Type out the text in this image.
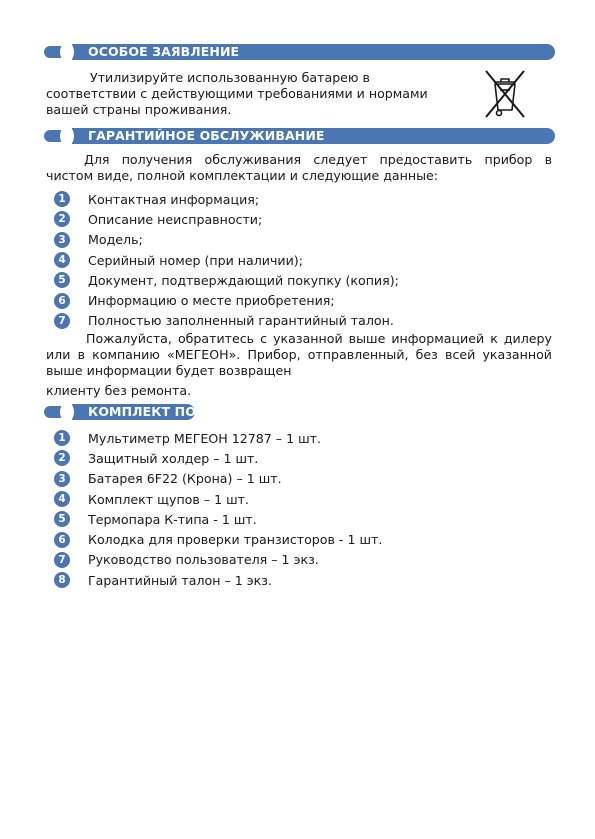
ОСОБОЕ ЗАЯВЛЕНИЕ
Утилизируйте использованную батарею в
соответствии с действующими требованиями и нормами
вашей страны проживания.
ГАРАНТИЙНОЕ ОБСЛУЖИВАНИЕ

Для получения обслуживания следует предоставить прибор в чистом виде, полной комплектации и следующие данные:

1	Контактная информация;
2	Описание неисправности;
3	Модель;
4	Серийный номер (при наличии);
5	Документ, подтверждающий покупку (копия);
6	Информацию о месте приобретения;
7	Полностью заполненный гарантийный талон.

Пожалуйста, обратитесь с указанной выше информацией к дилеру или в компанию «МЕГЕОН». Прибор, отправленный, без всей указанной выше информации будет возвращен

клиенту без ремонта.

КОМПЛЕКТ ПОСТАВКИ
1	Мультиметр МЕГЕОН 12787 – 1 шт.
2	Защитный холдер – 1 шт.
3	Батарея 6F22 (Крона) – 1 шт.
4	Комплект щупов – 1 шт.
5	Термопара К-типа - 1 шт.
6	Колодка для проверки транзисторов - 1 шт.
7	Руководство пользователя – 1 экз.
8	Гарантийный талон – 1 экз.
